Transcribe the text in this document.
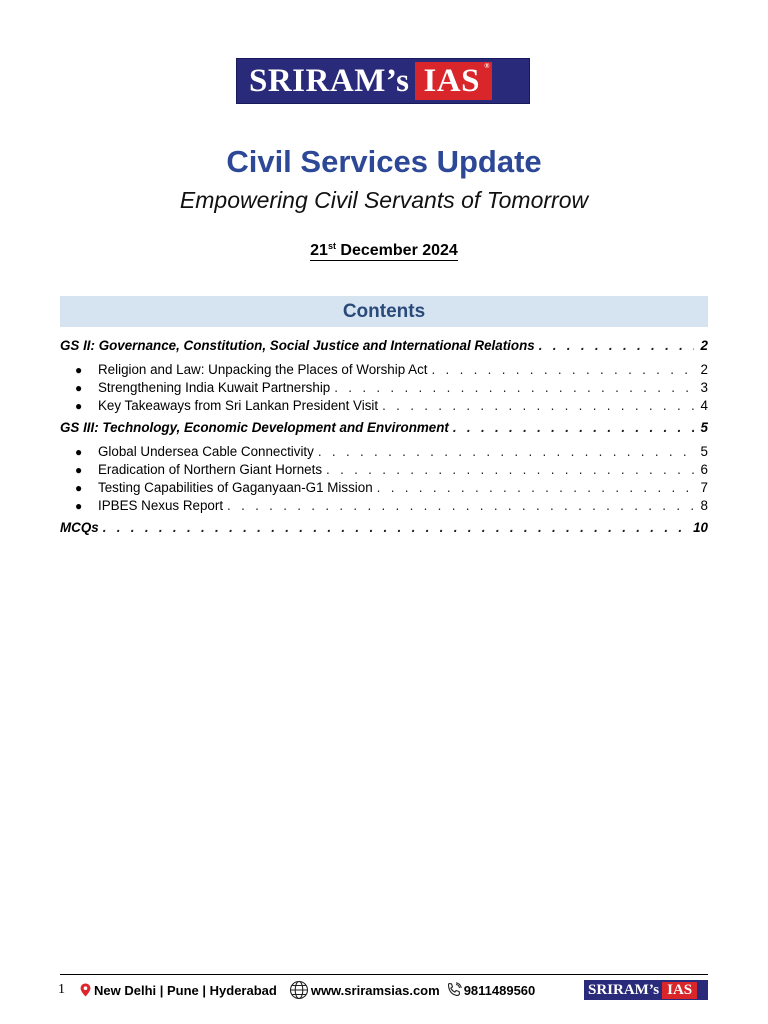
SRIRAM’s IAS ®
Civil Services Update
Empowering Civil Servants of Tomorrow
21st December 2024
Contents
GS II: Governance, Constitution, Social Justice and International Relations . . .	2
●	Religion and Law: Unpacking the Places of Worship Act . . .	2
●	Strengthening India Kuwait Partnership . . .	3
●	Key Takeaways from Sri Lankan President Visit . . .	4
GS III: Technology, Economic Development and Environment . . .	5
●	Global Undersea Cable Connectivity . . .	5
●	Eradication of Northern Giant Hornets . . .	6
●	Testing Capabilities of Gaganyaan-G1 Mission . . .	7
●	IPBES Nexus Report . . .	8
MCQs . . .	10
1	New Delhi | Pune | Hyderabad	www.sriramsias.com 9811489560	SRIRAM’s IAS
